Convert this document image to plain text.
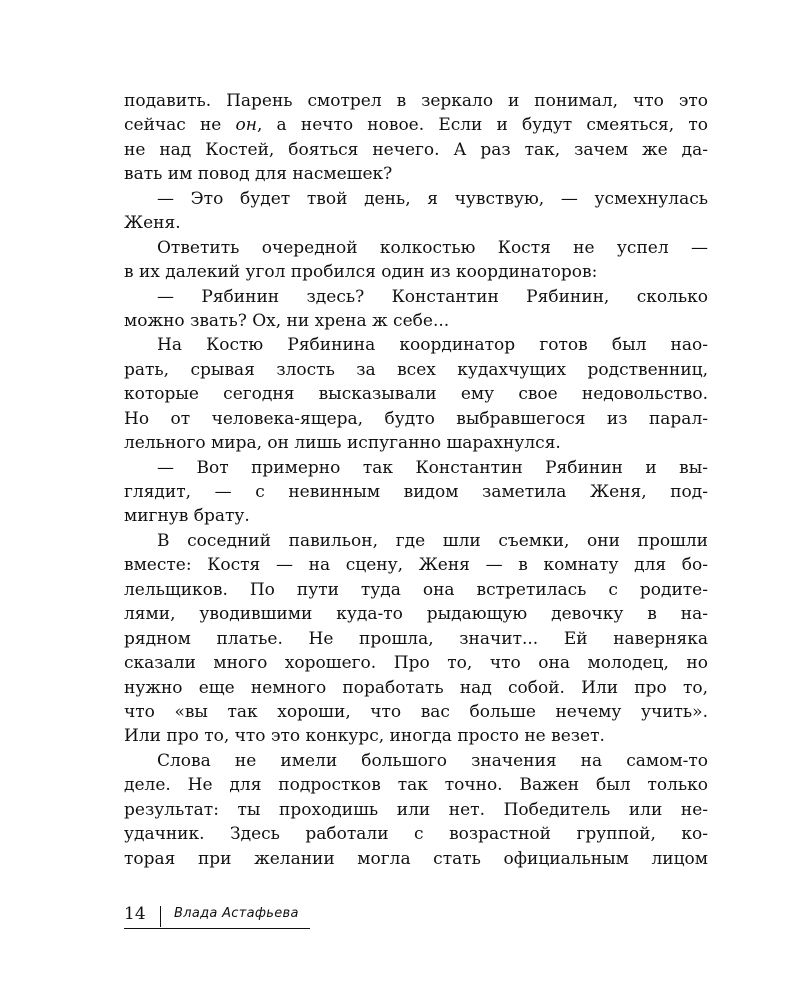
подавить. Парень смотрел в зеркало и понимал, что это
сейчас не он, а нечто новое. Если и будут смеяться, то
не над Костей, бояться нечего. А раз так, зачем же да-
вать им повод для насмешек?
— Это будет твой день, я чувствую, — усмехнулась
Женя.
Ответить очередной колкостью Костя не успел —
в их далекий угол пробился один из координаторов:
— Рябинин здесь? Константин Рябинин, сколько
можно звать? Ох, ни хрена ж себе...
На Костю Рябинина координатор готов был нао-
рать, срывая злость за всех кудахчущих родственниц,
которые сегодня высказывали ему свое недовольство.
Но от человека-ящера, будто выбравшегося из парал-
лельного мира, он лишь испуганно шарахнулся.
— Вот примерно так Константин Рябинин и вы-
глядит, — с невинным видом заметила Женя, под-
мигнув брату.
В соседний павильон, где шли съемки, они прошли
вместе: Костя — на сцену, Женя — в комнату для бо-
лельщиков. По пути туда она встретилась с родите-
лями, уводившими куда-то рыдающую девочку в на-
рядном платье. Не прошла, значит... Ей наверняка
сказали много хорошего. Про то, что она молодец, но
нужно еще немного поработать над собой. Или про то,
что «вы так хороши, что вас больше нечему учить».
Или про то, что это конкурс, иногда просто не везет.
Слова не имели большого значения на самом-то
деле. Не для подростков так точно. Важен был только
результат: ты проходишь или нет. Победитель или не-
удачник. Здесь работали с возрастной группой, ко-
торая при желании могла стать официальным лицом
14	Влада Астафьева
